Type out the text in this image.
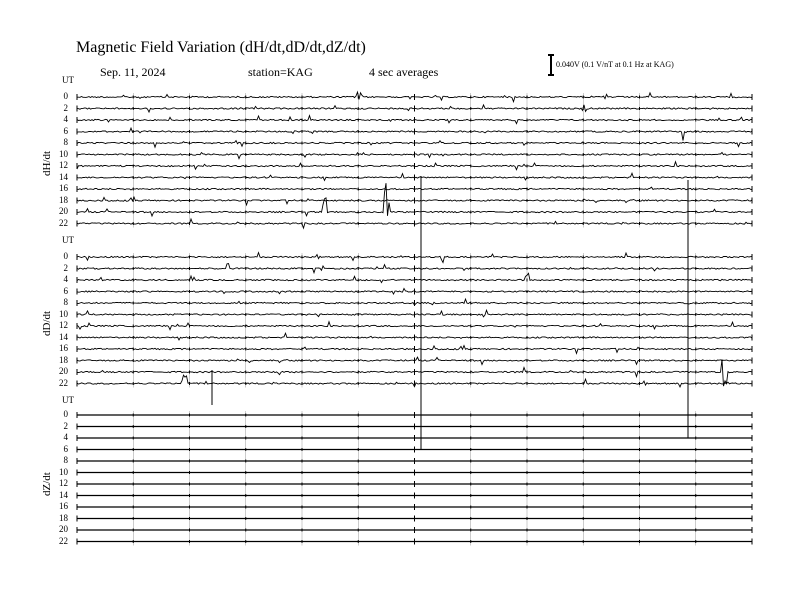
Magnetic Field Variation (dH/dt,dD/dt,dZ/dt)
Sep. 11, 2024	station=KAG	4 sec averages
0.040V (0.1 V/nT at 0.1 Hz at KAG)
UT
dH/dt
UT
dD/dt
UT
dZ/dt
0
2
4
6
8
10
12
14
16
18
20
22
0
2
4
6
8
10
12
14
16
18
20
22
0
2
4
6
8
10
12
14
16
18
20
22
